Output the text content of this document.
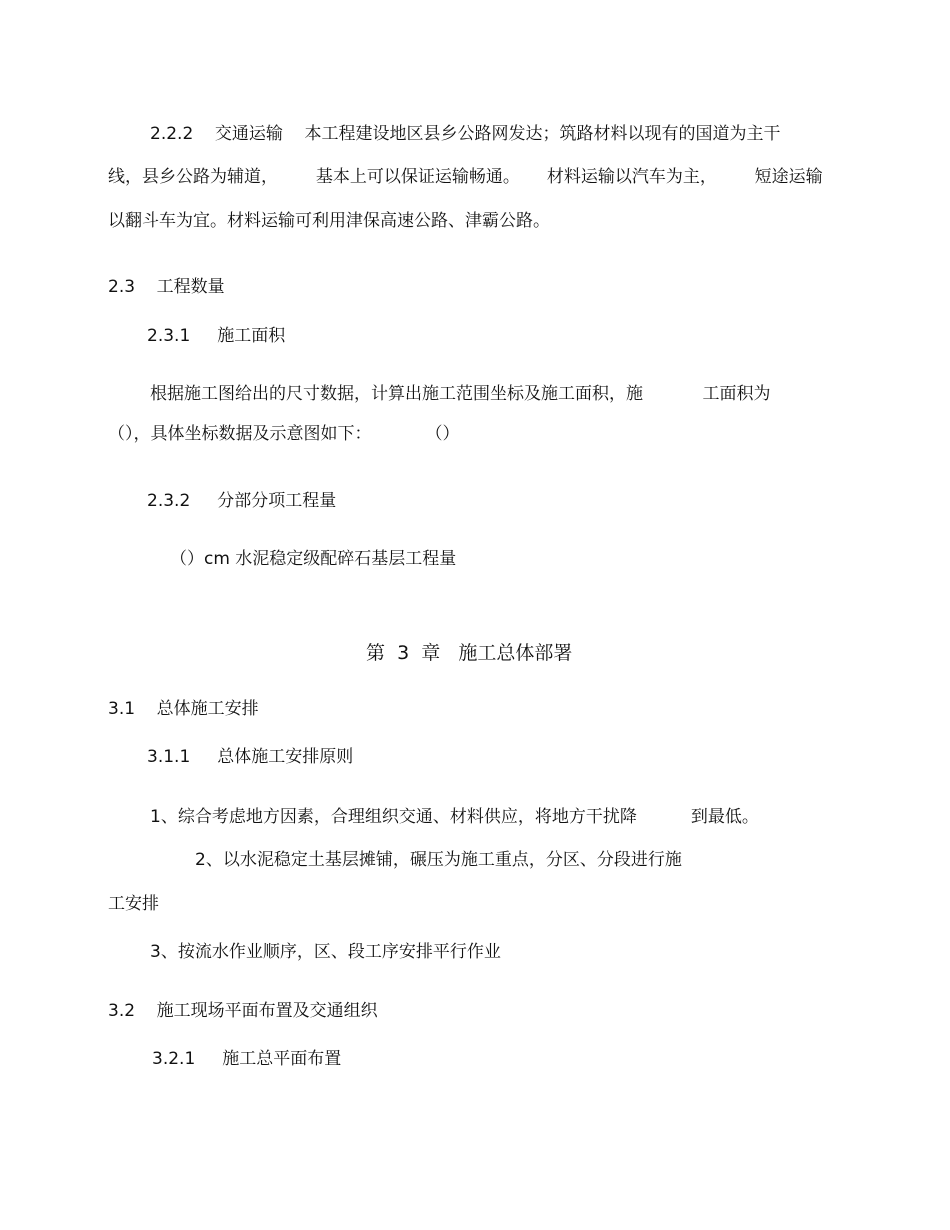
2.2.2    交通运输    本工程建设地区县乡公路网发达；筑路材料以现有的国道为主干

线，县乡公路为辅道，       基本上可以保证运输畅通。     材料运输以汽车为主，       短途运输

以翻斗车为宜。材料运输可利用津保高速公路、津霸公路。

2.3    工程数量

2.3.1     施工面积

根据施工图给出的尺寸数据，计算出施工范围坐标及施工面积，施           工面积为

（），具体坐标数据及示意图如下：          （）

2.3.2     分部分项工程量

（）cm 水泥稳定级配碎石基层工程量

第  3  章   施工总体部署

3.1    总体施工安排

3.1.1     总体施工安排原则

1、综合考虑地方因素，合理组织交通、材料供应，将地方干扰降          到最低。

2、以水泥稳定土基层摊铺，碾压为施工重点，分区、分段进行施

工安排

3、按流水作业顺序，区、段工序安排平行作业

3.2    施工现场平面布置及交通组织

3.2.1     施工总平面布置
